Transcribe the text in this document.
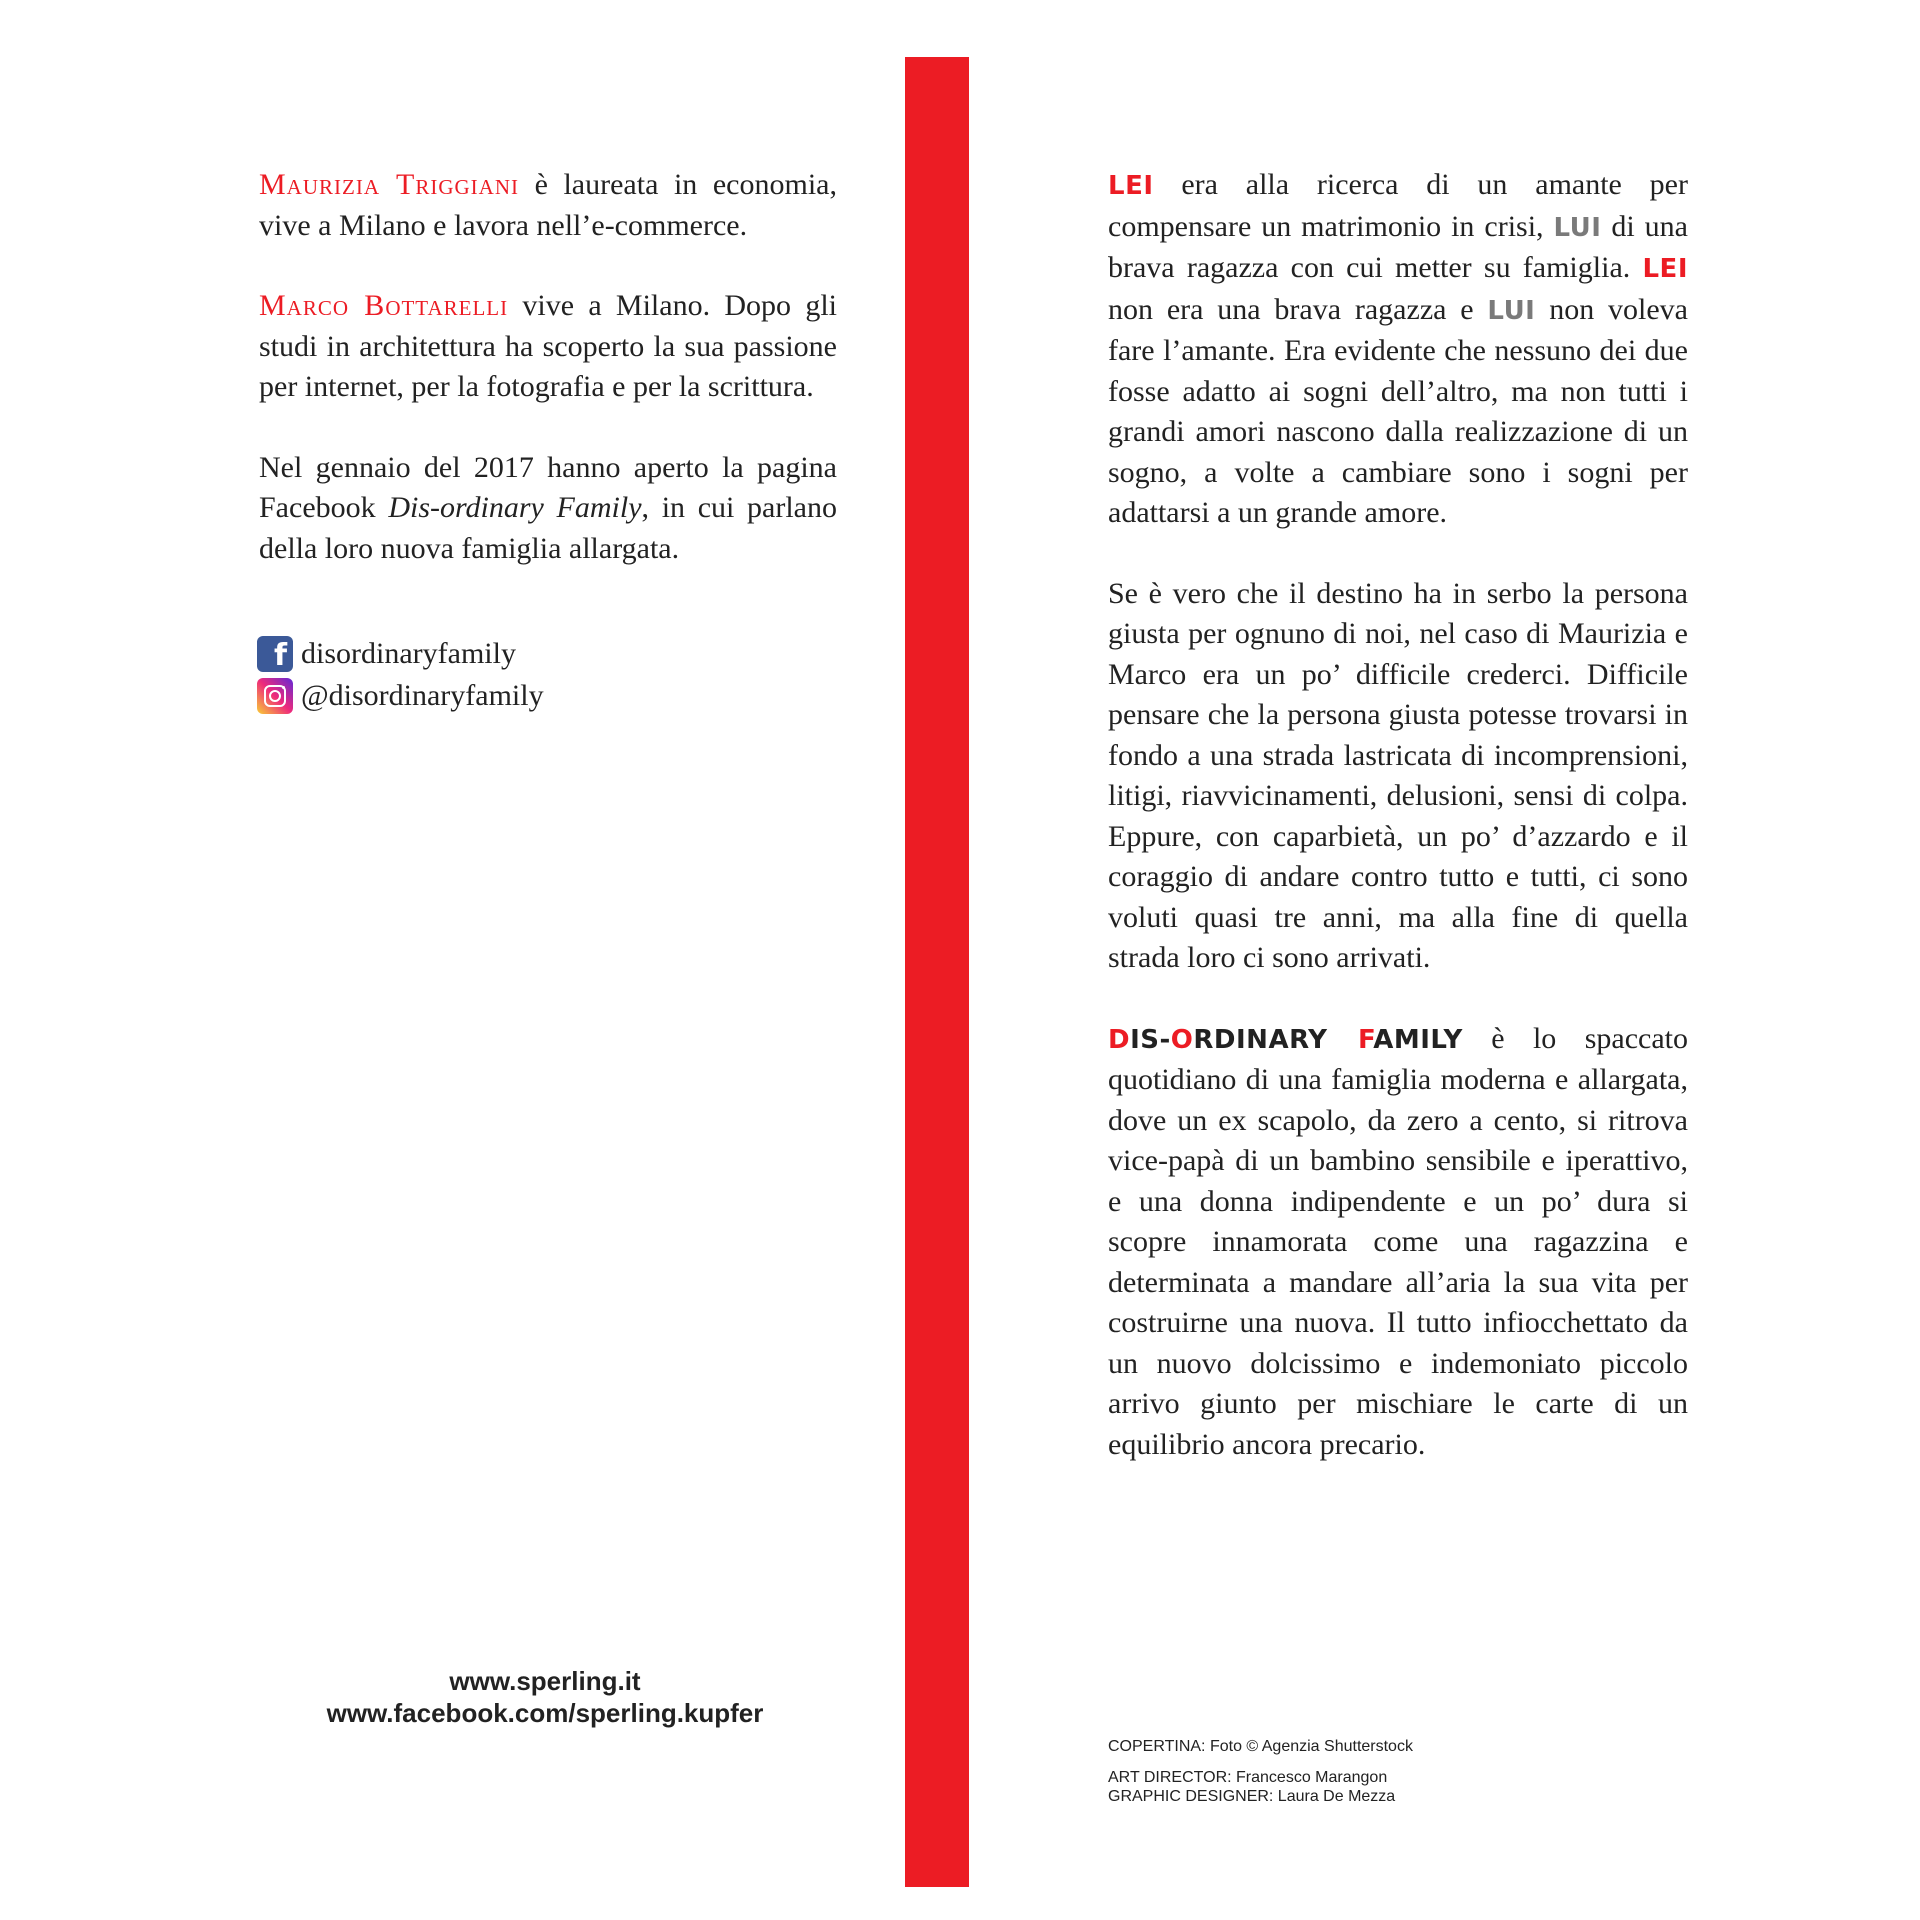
Maurizia Triggiani è laureata in economia, vive a Milano e lavora nell’e-commerce.

Marco Bottarelli vive a Milano. Dopo gli studi in architettura ha scoperto la sua passione per internet, per la fotografia e per la scrittura.

Nel gennaio del 2017 hanno aperto la pagina Facebook Dis-ordinary Family, in cui parlano della loro nuova famiglia allargata.

f disordinaryfamily
@disordinaryfamily
www.sperling.it
www.facebook.com/sperling.kupfer

LEI era alla ricerca di un amante per compensare un matrimonio in crisi, LUI di una brava ragazza con cui metter su famiglia. LEI non era una brava ragazza e LUI non voleva fare l’amante. Era evidente che nessuno dei due fosse adatto ai sogni dell’altro, ma non tutti i grandi amori nascono dalla realizzazione di un sogno, a volte a cambiare sono i sogni per adattarsi a un grande amore.

Se è vero che il destino ha in serbo la persona giusta per ognuno di noi, nel caso di Maurizia e Marco era un po’ difficile crederci. Difficile pensare che la persona giusta potesse trovarsi in fondo a una strada lastricata di incomprensioni, litigi, riavvicinamenti, delusioni, sensi di colpa. Eppure, con caparbietà, un po’ d’azzardo e il coraggio di andare contro tutto e tutti, ci sono voluti quasi tre anni, ma alla fine di quella strada loro ci sono arrivati.

DIS-ORDINARY FAMILY è lo spaccato quotidiano di una famiglia moderna e allargata, dove un ex scapolo, da zero a cento, si ritrova vice-papà di un bambino sensibile e iperattivo, e una donna indipendente e un po’ dura si scopre innamorata come una ragazzina e determinata a mandare all’aria la sua vita per costruirne una nuova. Il tutto infiocchettato da un nuovo dolcissimo e indemoniato piccolo arrivo giunto per mischiare le carte di un equilibrio ancora precario.

COPERTINA: Foto © Agenzia Shutterstock
ART DIRECTOR: Francesco Marangon
GRAPHIC DESIGNER: Laura De Mezza
